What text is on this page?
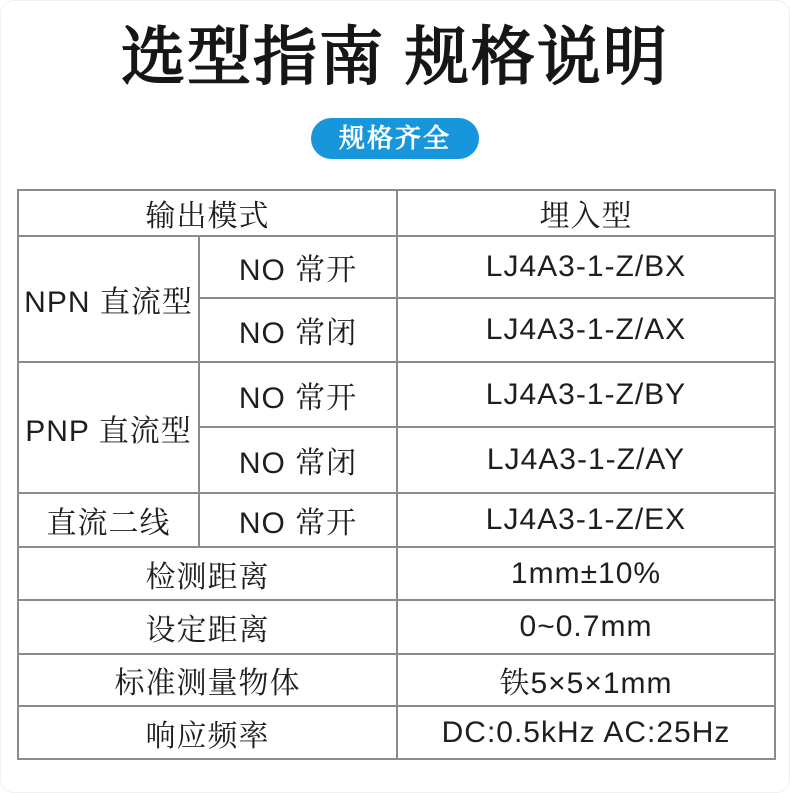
选型指南 规格说明
规格齐全
输出模式		埋入型
NPN 直流型	NO 常开	LJ4A3-1-Z/BX
	NO 常闭	LJ4A3-1-Z/AX
PNP 直流型	NO 常开	LJ4A3-1-Z/BY
	NO 常闭	LJ4A3-1-Z/AY
直流二线	NO 常开	LJ4A3-1-Z/EX
检测距离		1mm±10%
设定距离		0~0.7mm
标准测量物体		铁5×5×1mm
响应频率		DC:0.5kHz AC:25Hz
